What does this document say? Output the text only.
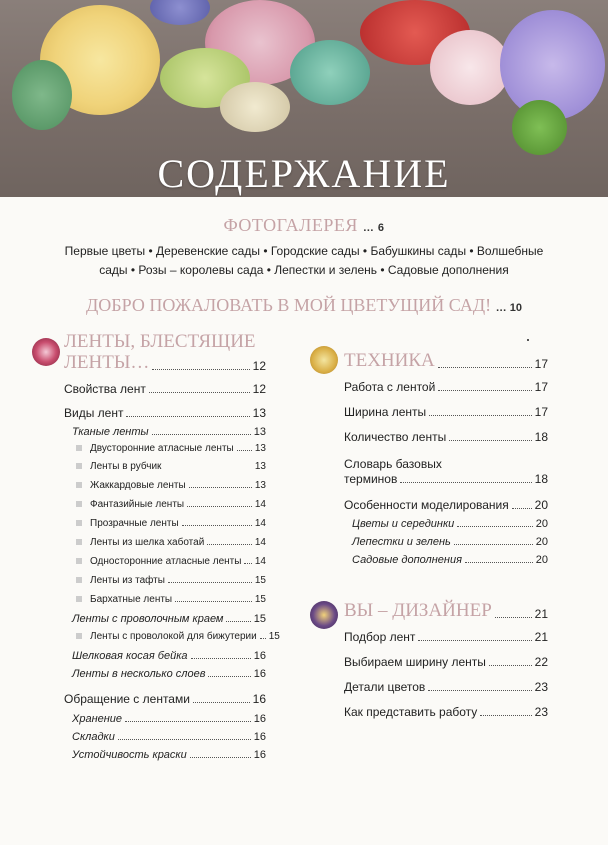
СОДЕРЖАНИЕ
ФОТОГАЛЕРЕЯ … 6
Первые цветы • Деревенские сады • Городские сады • Бабушкины сады • Волшебные
сады • Розы – королевы сада • Лепестки и зелень • Садовые дополнения
ДОБРО ПОЖАЛОВАТЬ В МОЙ ЦВЕТУЩИЙ САД! … 10
ЛЕНТЫ, БЛЕСТЯЩИЕ
ЛЕНТЫ…	12
Свойства лент	12
Виды лент	13
Тканые ленты	13
Двусторонние атласные ленты 13
Ленты в рубчик	13
Жаккардовые ленты	13
Фантазийные ленты	14
Прозрачные ленты	14
Ленты из шелка хаботай	14
Односторонние атласные ленты 14
Ленты из тафты	15
Бархатные ленты	15
Ленты с проволочным краем	15
Ленты с проволокой для бижутерии 15
Шелковая косая бейка	16
Ленты в несколько слоев	16
Обращение с лентами	16
Хранение	16
Складки	16
Устойчивость краски	16
ТЕХНИКА	17
Работа с лентой	17
Ширина ленты	17
Количество ленты	18
Словарь базовых
терминов	18
Особенности моделирования 20
Цветы и серединки	20
Лепестки и зелень	20
Садовые дополнения	20
ВЫ – ДИЗАЙНЕР	21
Подбор лент	21
Выбираем ширину ленты	22
Детали цветов	23
Как представить работу	23
